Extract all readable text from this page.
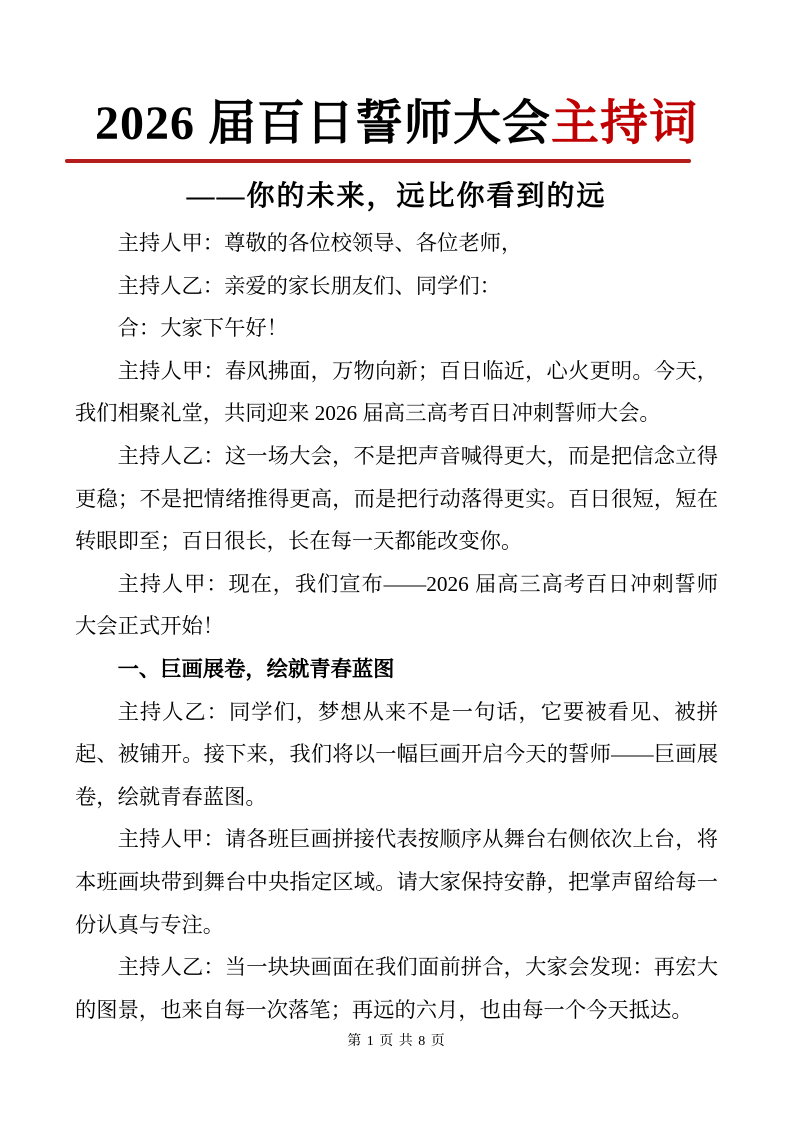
2026 届百日誓师大会主持词
——你的未来，远比你看到的远

主持人甲：尊敬的各位校领导、各位老师，

主持人乙：亲爱的家长朋友们、同学们：

合：大家下午好！

主持人甲：春风拂面，万物向新；百日临近，心火更明。今天，我们相聚礼堂，共同迎来 2026 届高三高考百日冲刺誓师大会。

主持人乙：这一场大会，不是把声音喊得更大，而是把信念立得更稳；不是把情绪推得更高，而是把行动落得更实。百日很短，短在转眼即至；百日很长，长在每一天都能改变你。

主持人甲：现在，我们宣布——2026 届高三高考百日冲刺誓师大会正式开始！

一、巨画展卷，绘就青春蓝图

主持人乙：同学们，梦想从来不是一句话，它要被看见、被拼起、被铺开。接下来，我们将以一幅巨画开启今天的誓师——巨画展卷，绘就青春蓝图。

主持人甲：请各班巨画拼接代表按顺序从舞台右侧依次上台，将本班画块带到舞台中央指定区域。请大家保持安静，把掌声留给每一份认真与专注。

主持人乙：当一块块画面在我们面前拼合，大家会发现：再宏大的图景，也来自每一次落笔；再远的六月，也由每一个今天抵达。

第 1 页 共 8 页
